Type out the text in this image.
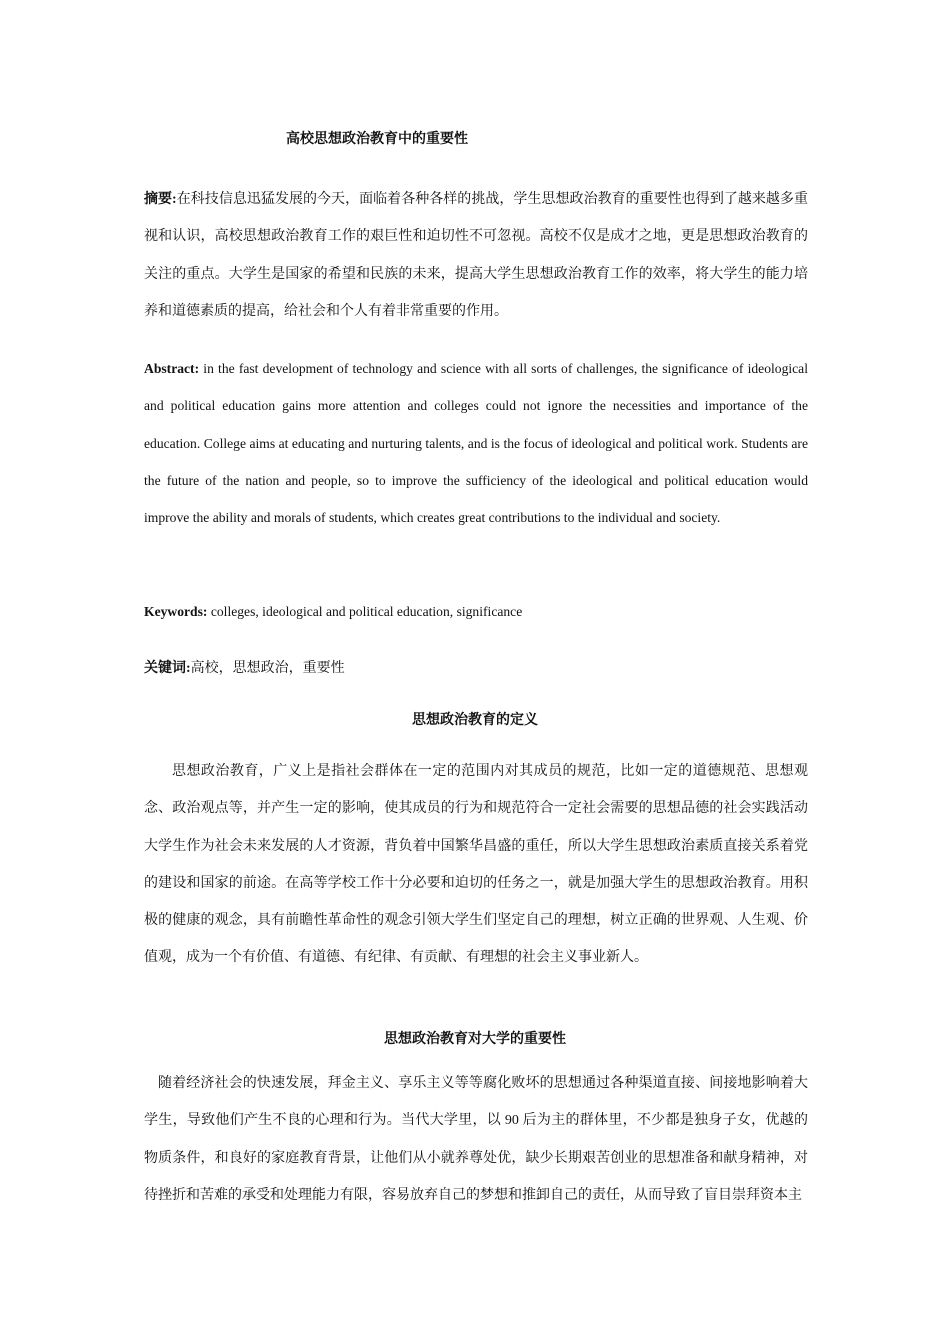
高校思想政治教育中的重要性

摘要:在科技信息迅猛发展的今天，面临着各种各样的挑战，学生思想政治教育的重要性也得到了越来越多重视和认识，高校思想政治教育工作的艰巨性和迫切性不可忽视。高校不仅是成才之地，更是思想政治教育的关注的重点。大学生是国家的希望和民族的未来，提高大学生思想政治教育工作的效率，将大学生的能力培养和道德素质的提高，给社会和个人有着非常重要的作用。

Abstract: in the fast development of technology and science with all sorts of challenges, the significance of ideological and political education gains more attention and colleges could not ignore the necessities and importance of the education. College aims at educating and nurturing talents, and is the focus of ideological and political work. Students are the future of the nation and people, so to improve the sufficiency of the ideological and political education would improve the ability and morals of students, which creates great contributions to the individual and society.

Keywords: colleges, ideological and political education, significance

关键词:高校，思想政治，重要性

思想政治教育的定义

思想政治教育，广义上是指社会群体在一定的范围内对其成员的规范，比如一定的道德规范、思想观念、政治观点等，并产生一定的影响，使其成员的行为和规范符合一定社会需要的思想品德的社会实践活动大学生作为社会未来发展的人才资源，背负着中国繁华昌盛的重任，所以大学生思想政治素质直接关系着党的建设和国家的前途。在高等学校工作十分必要和迫切的任务之一，就是加强大学生的思想政治教育。用积极的健康的观念，具有前瞻性革命性的观念引领大学生们坚定自己的理想，树立正确的世界观、人生观、价值观，成为一个有价值、有道德、有纪律、有贡献、有理想的社会主义事业新人。

思想政治教育对大学的重要性

随着经济社会的快速发展，拜金主义、享乐主义等等腐化败坏的思想通过各种渠道直接、间接地影响着大学生，导致他们产生不良的心理和行为。当代大学里，以 90 后为主的群体里，不少都是独身子女，优越的物质条件，和良好的家庭教育背景，让他们从小就养尊处优，缺少长期艰苦创业的思想准备和献身精神，对待挫折和苦难的承受和处理能力有限，容易放弃自己的梦想和推卸自己的责任，从而导致了盲目崇拜资本主
